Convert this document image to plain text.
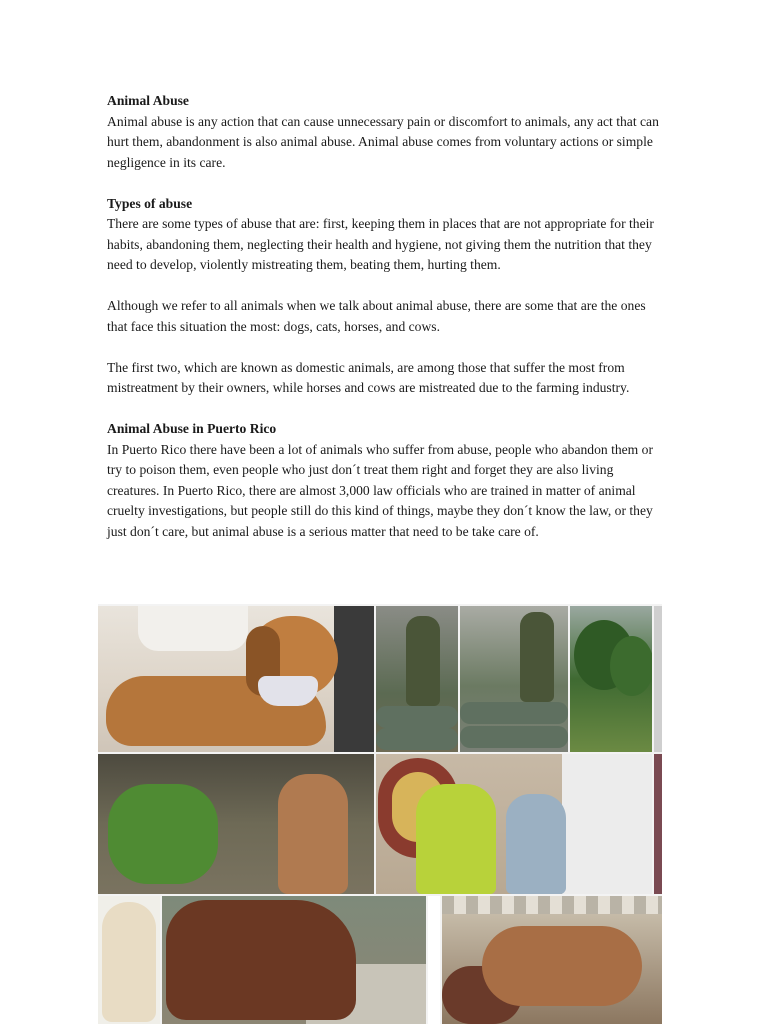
Animal Abuse

Animal abuse is any action that can cause unnecessary pain or discomfort to animals, any act that can hurt them, abandonment is also animal abuse. Animal abuse comes from voluntary actions or simple negligence in its care.

Types of abuse

There are some types of abuse that are: first, keeping them in places that are not appropriate for their habits, abandoning them, neglecting their health and hygiene, not giving them the nutrition that they need to develop, violently mistreating them, beating them, hurting them.

Although we refer to all animals when we talk about animal abuse, there are some that are the ones that face this situation the most: dogs, cats, horses, and cows.

The first two, which are known as domestic animals, are among those that suffer the most from mistreatment by their owners, while horses and cows are mistreated due to the farming industry.

Animal Abuse in Puerto Rico

In Puerto Rico there have been a lot of animals who suffer from abuse, people who abandon them or try to poison them, even people who just don´t treat them right and forget they are also living creatures. In Puerto Rico, there are almost 3,000 law officials who are trained in matter of animal cruelty investigations, but people still do this kind of things, maybe they don´t know the law, or they just don´t care, but animal abuse is a serious matter that need to be take care of.
